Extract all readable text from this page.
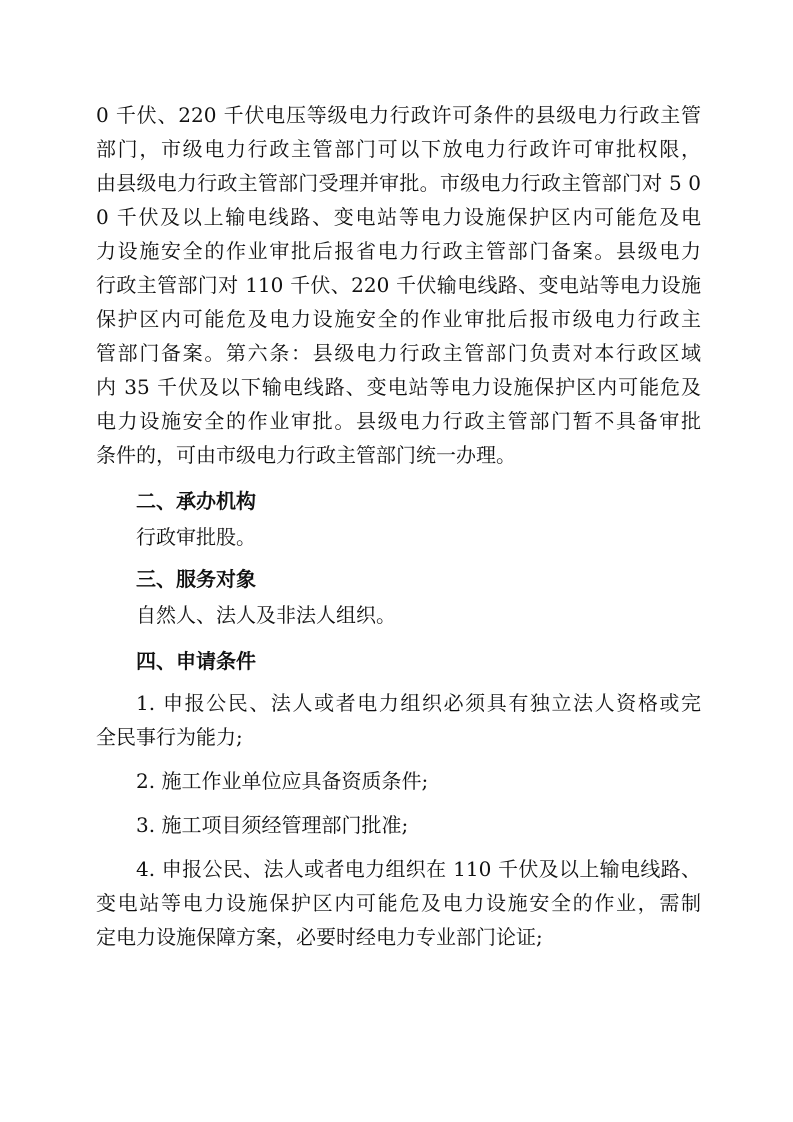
0 千伏、220 千伏电压等级电力行政许可条件的县级电力行政主管
部门，市级电力行政主管部门可以下放电力行政许可审批权限，
由县级电力行政主管部门受理并审批。市级电力行政主管部门对 5 0
0 千伏及以上输电线路、变电站等电力设施保护区内可能危及电
力设施安全的作业审批后报省电力行政主管部门备案。县级电力
行政主管部门对 110 千伏、220 千伏输电线路、变电站等电力设施
保护区内可能危及电力设施安全的作业审批后报市级电力行政主
管部门备案。第六条：县级电力行政主管部门负责对本行政区域
内 35 千伏及以下输电线路、变电站等电力设施保护区内可能危及
电力设施安全的作业审批。县级电力行政主管部门暂不具备审批
条件的，可由市级电力行政主管部门统一办理。
二、承办机构
行政审批股。
三、服务对象
自然人、法人及非法人组织。
四、申请条件
1. 申报公民、法人或者电力组织必须具有独立法人资格或完
全民事行为能力;
2. 施工作业单位应具备资质条件;
3. 施工项目须经管理部门批准;
4. 申报公民、法人或者电力组织在 110 千伏及以上输电线路、
变电站等电力设施保护区内可能危及电力设施安全的作业，需制
定电力设施保障方案，必要时经电力专业部门论证;
